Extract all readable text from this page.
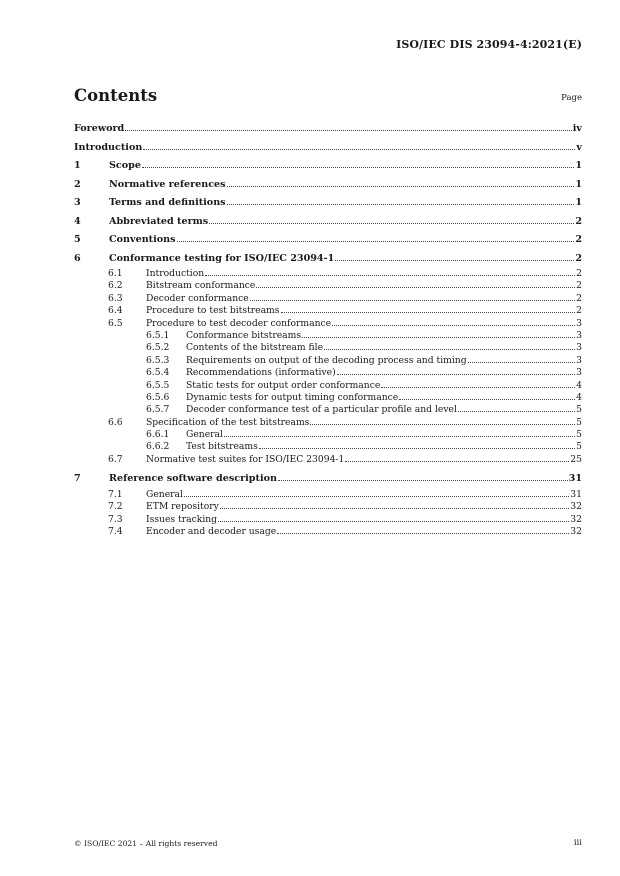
ISO/IEC DIS 23094-4:2021(E)
Contents	Page
Foreword	iv
Introduction	v
1	Scope	1
2	Normative references	1
3	Terms and definitions	1
4	Abbreviated terms	2
5	Conventions	2
6	Conformance testing for ISO/IEC 23094-1	2
6.1	Introduction	2
6.2	Bitstream conformance	2
6.3	Decoder conformance	2
6.4	Procedure to test bitstreams	2
6.5	Procedure to test decoder conformance	3
6.5.1	Conformance bitstreams	3
6.5.2	Contents of the bitstream file	3
6.5.3	Requirements on output of the decoding process and timing	3
6.5.4	Recommendations (informative)	3
6.5.5	Static tests for output order conformance	4
6.5.6	Dynamic tests for output timing conformance	4
6.5.7	Decoder conformance test of a particular profile and level	5
6.6	Specification of the test bitstreams	5
6.6.1	General	5
6.6.2	Test bitstreams	5
6.7	Normative test suites for ISO/IEC 23094-1	25
7	Reference software description	31
7.1	General	31
7.2	ETM repository	32
7.3	Issues tracking	32
7.4	Encoder and decoder usage	32
© ISO/IEC 2021 – All rights reserved	iii
